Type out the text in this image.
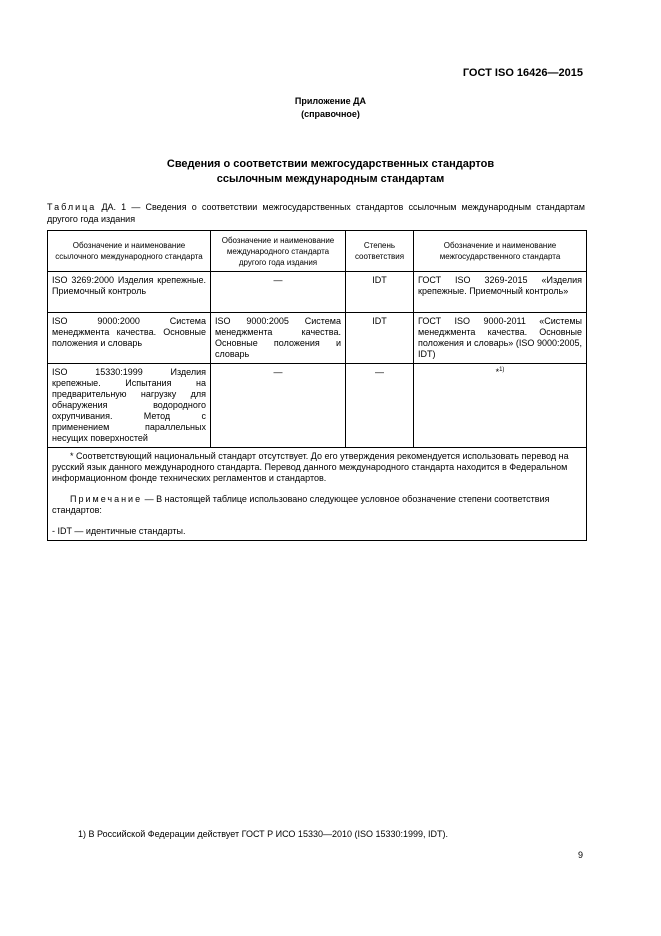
ГОСТ ISO 16426—2015
Приложение ДА
(справочное)
Сведения о соответствии межгосударственных стандартов
ссылочным международным стандартам
Таблица ДА. 1 — Сведения о соответствии межгосударственных стандартов ссылочным международным стандартам другого года издания
Обозначение и наименование ссылочного международного стандарта	Обозначение и наименование международного стандарта другого года издания	Степень соответствия	Обозначение и наименование межгосударственного стандарта
ISO 3269:2000 Изделия крепежные. Приемочный контроль	—	IDT	ГОСТ ISO 3269-2015 «Изделия крепежные. Приемочный контроль»
ISO 9000:2000 Система менеджмента качества. Основные положения и словарь	ISO 9000:2005 Система менеджмента качества. Основные положения и словарь	IDT	ГОСТ ISO 9000-2011 «Системы менеджмента качества. Основные положения и словарь» (ISO 9000:2005, IDT)
ISO 15330:1999 Изделия крепежные. Испытания на предварительную нагрузку для обнаружения водородного охрупчивания. Метод с применением параллельных несущих поверхностей	—	—	*$^{1)}$

* Соответствующий национальный стандарт отсутствует. До его утверждения рекомендуется использовать перевод на русский язык данного международного стандарта. Перевод данного международного стандарта находится в Федеральном информационном фонде технических регламентов и стандартов.

Примечание — В настоящей таблице использовано следующее условное обозначение степени соответствия стандартов:

- IDT — идентичные стандарты.			

1) В Российской Федерации действует ГОСТ Р ИСО 15330—2010 (ISO 15330:1999, IDT).
9
